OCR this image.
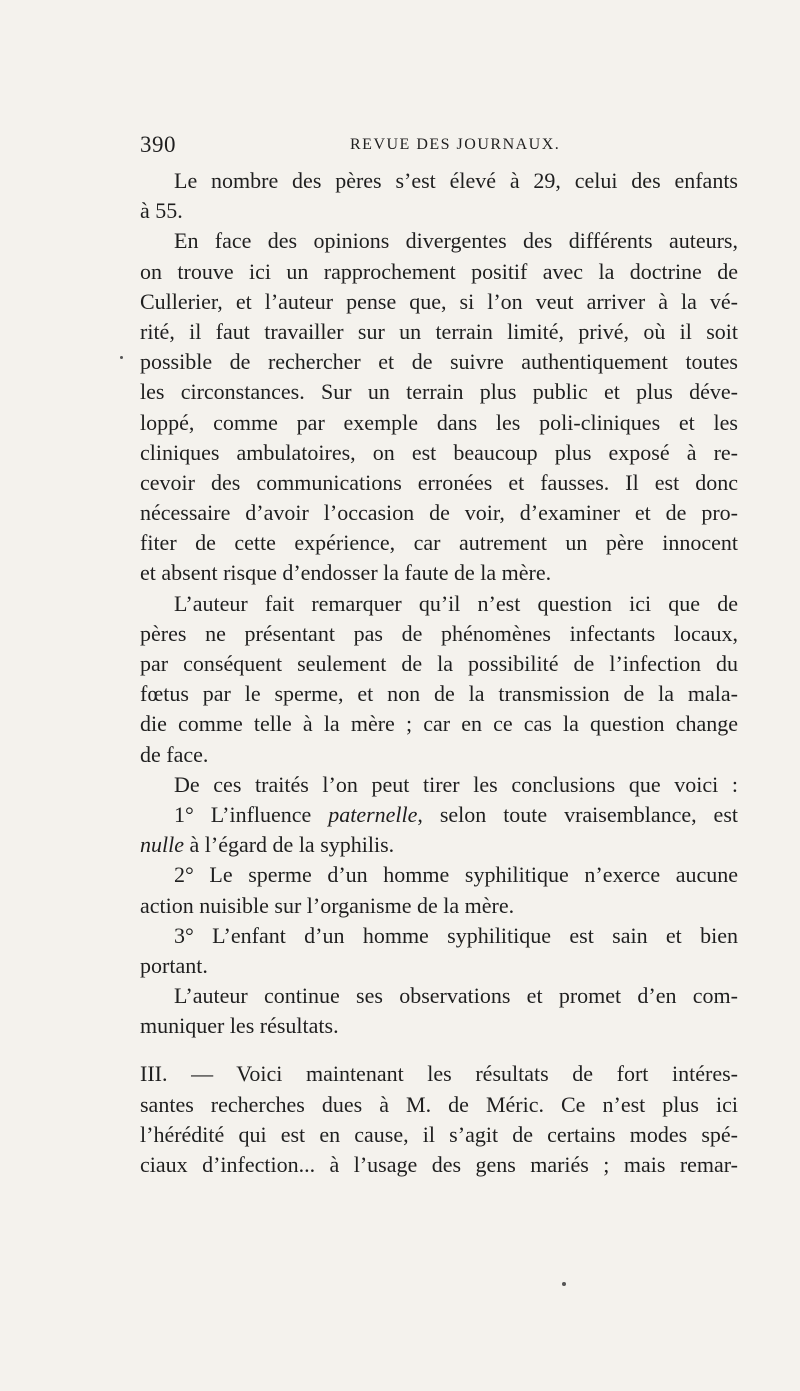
390	REVUE DES JOURNAUX.
Le nombre des pères s’est élevé à 29, celui des enfants
à 55.
En face des opinions divergentes des différents auteurs,
on trouve ici un rapprochement positif avec la doctrine de
Cullerier, et l’auteur pense que, si l’on veut arriver à la vé-
rité, il faut travailler sur un terrain limité, privé, où il soit
possible de rechercher et de suivre authentiquement toutes
les circonstances. Sur un terrain plus public et plus déve-
loppé, comme par exemple dans les poli-cliniques et les
cliniques ambulatoires, on est beaucoup plus exposé à re-
cevoir des communications erronées et fausses. Il est donc
nécessaire d’avoir l’occasion de voir, d’examiner et de pro-
fiter de cette expérience, car autrement un père innocent
et absent risque d’endosser la faute de la mère.
L’auteur fait remarquer qu’il n’est question ici que de
pères ne présentant pas de phénomènes infectants locaux,
par conséquent seulement de la possibilité de l’infection du
fœtus par le sperme, et non de la transmission de la mala-
die comme telle à la mère ; car en ce cas la question change
de face.
De ces traités l’on peut tirer les conclusions que voici :
1° L’influence paternelle, selon toute vraisemblance, est
nulle à l’égard de la syphilis.
2° Le sperme d’un homme syphilitique n’exerce aucune
action nuisible sur l’organisme de la mère.
3° L’enfant d’un homme syphilitique est sain et bien
portant.
L’auteur continue ses observations et promet d’en com-
muniquer les résultats.
III. — Voici maintenant les résultats de fort intéres-
santes recherches dues à M. de Méric. Ce n’est plus ici
l’hérédité qui est en cause, il s’agit de certains modes spé-
ciaux d’infection... à l’usage des gens mariés ; mais remar-
